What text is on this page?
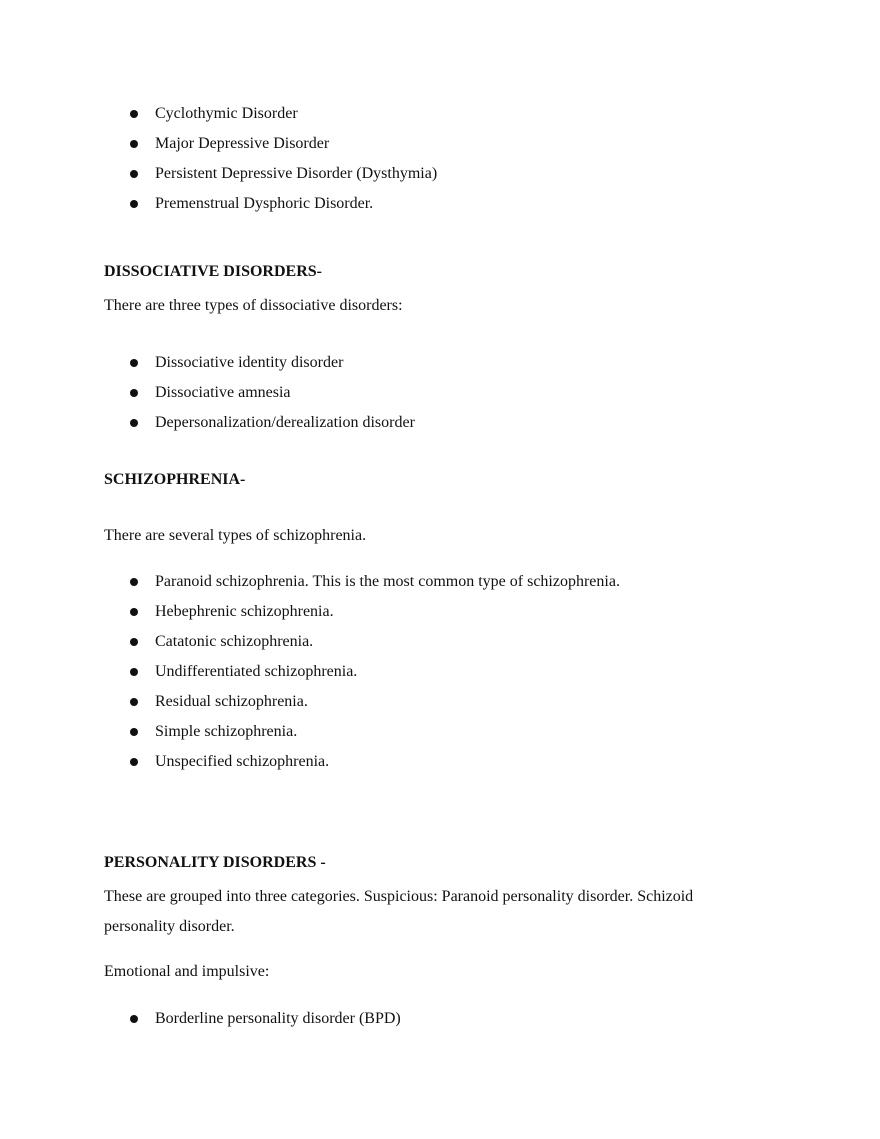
Cyclothymic Disorder
Major Depressive Disorder
Persistent Depressive Disorder (Dysthymia)
Premenstrual Dysphoric Disorder.

DISSOCIATIVE DISORDERS-

There are three types of dissociative disorders:

Dissociative identity disorder
Dissociative amnesia
Depersonalization/derealization disorder

SCHIZOPHRENIA-

There are several types of schizophrenia.

Paranoid schizophrenia. This is the most common type of schizophrenia.
Hebephrenic schizophrenia.
Catatonic schizophrenia.
Undifferentiated schizophrenia.
Residual schizophrenia.
Simple schizophrenia.
Unspecified schizophrenia.

PERSONALITY DISORDERS -

These are grouped into three categories. Suspicious: Paranoid personality disorder. Schizoid personality disorder.

Emotional and impulsive:

Borderline personality disorder (BPD)
